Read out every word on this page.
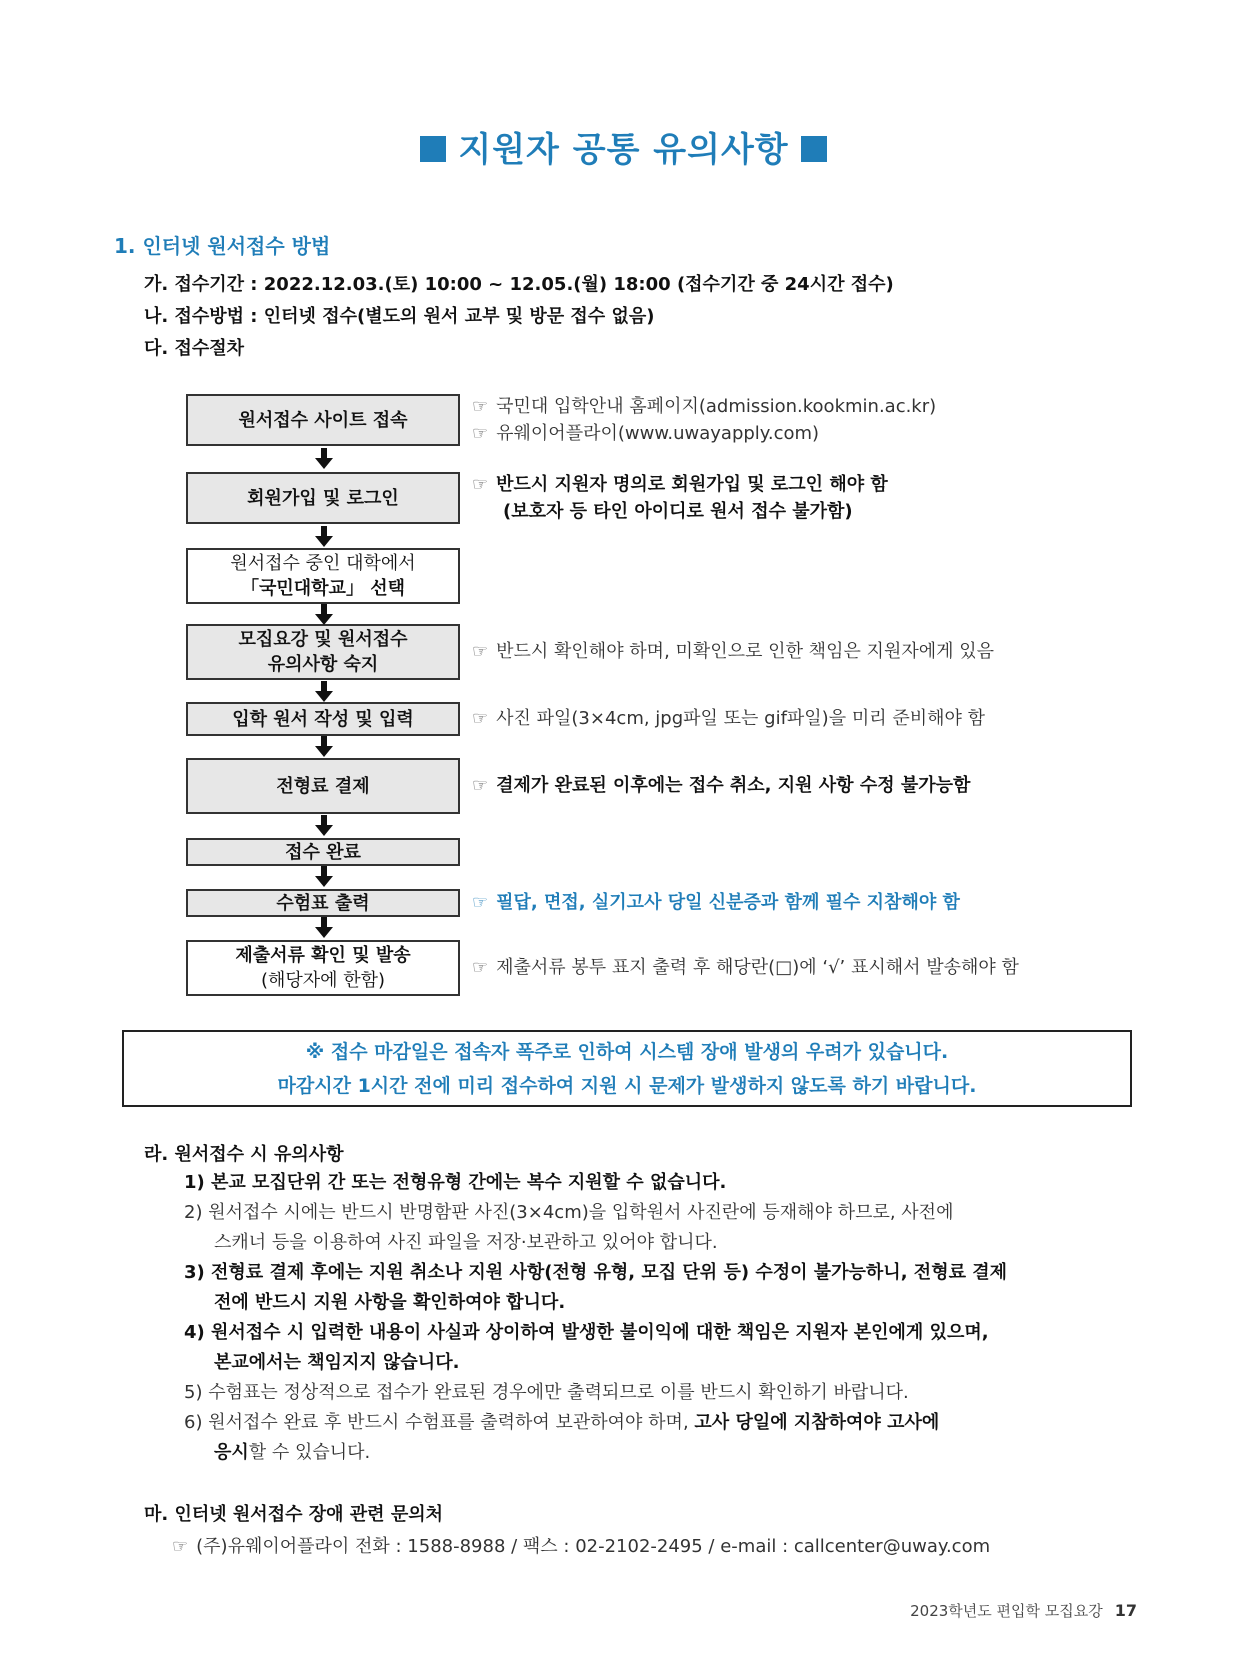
지원자 공통 유의사항
1. 인터넷 원서접수 방법
가. 접수기간 : 2022.12.03.(토) 10:00 ~ 12.05.(월) 18:00 (접수기간 중 24시간 접수)
나. 접수방법 : 인터넷 접수(별도의 원서 교부 및 방문 접수 없음)
다. 접수절차
원서접수 사이트 접속
회원가입 및 로그인
원서접수 중인 대학에서
「국민대학교」 선택
모집요강 및 원서접수
유의사항 숙지
입학 원서 작성 및 입력
전형료 결제
접수 완료
수험표 출력
제출서류 확인 및 발송
(해당자에 한함)
☞ 국민대 입학안내 홈페이지(admission.kookmin.ac.kr)
☞ 유웨이어플라이(www.uwayapply.com)
☞ 반드시 지원자 명의로 회원가입 및 로그인 해야 함
(보호자 등 타인 아이디로 원서 접수 불가함)
☞ 반드시 확인해야 하며, 미확인으로 인한 책임은 지원자에게 있음
☞ 사진 파일(3×4cm, jpg파일 또는 gif파일)을 미리 준비해야 함
☞ 결제가 완료된 이후에는 접수 취소, 지원 사항 수정 불가능함
☞ 필답, 면접, 실기고사 당일 신분증과 함께 필수 지참해야 함
☞ 제출서류 봉투 표지 출력 후 해당란(□)에 ‘√’ 표시해서 발송해야 함
※ 접수 마감일은 접속자 폭주로 인하여 시스템 장애 발생의 우려가 있습니다.
마감시간 1시간 전에 미리 접수하여 지원 시 문제가 발생하지 않도록 하기 바랍니다.
라. 원서접수 시 유의사항
1) 본교 모집단위 간 또는 전형유형 간에는 복수 지원할 수 없습니다.
2) 원서접수 시에는 반드시 반명함판 사진(3×4cm)을 입학원서 사진란에 등재해야 하므로, 사전에
스캐너 등을 이용하여 사진 파일을 저장·보관하고 있어야 합니다.
3) 전형료 결제 후에는 지원 취소나 지원 사항(전형 유형, 모집 단위 등) 수정이 불가능하니, 전형료 결제
전에 반드시 지원 사항을 확인하여야 합니다.
4) 원서접수 시 입력한 내용이 사실과 상이하여 발생한 불이익에 대한 책임은 지원자 본인에게 있으며,
본교에서는 책임지지 않습니다.
5) 수험표는 정상적으로 접수가 완료된 경우에만 출력되므로 이를 반드시 확인하기 바랍니다.
6) 원서접수 완료 후 반드시 수험표를 출력하여 보관하여야 하며, 고사 당일에 지참하여야 고사에
응시할 수 있습니다.
마. 인터넷 원서접수 장애 관련 문의처
☞ (주)유웨이어플라이 전화 : 1588-8988 / 팩스 : 02-2102-2495 / e-mail : callcenter@uway.com
2023학년도 편입학 모집요강 17
